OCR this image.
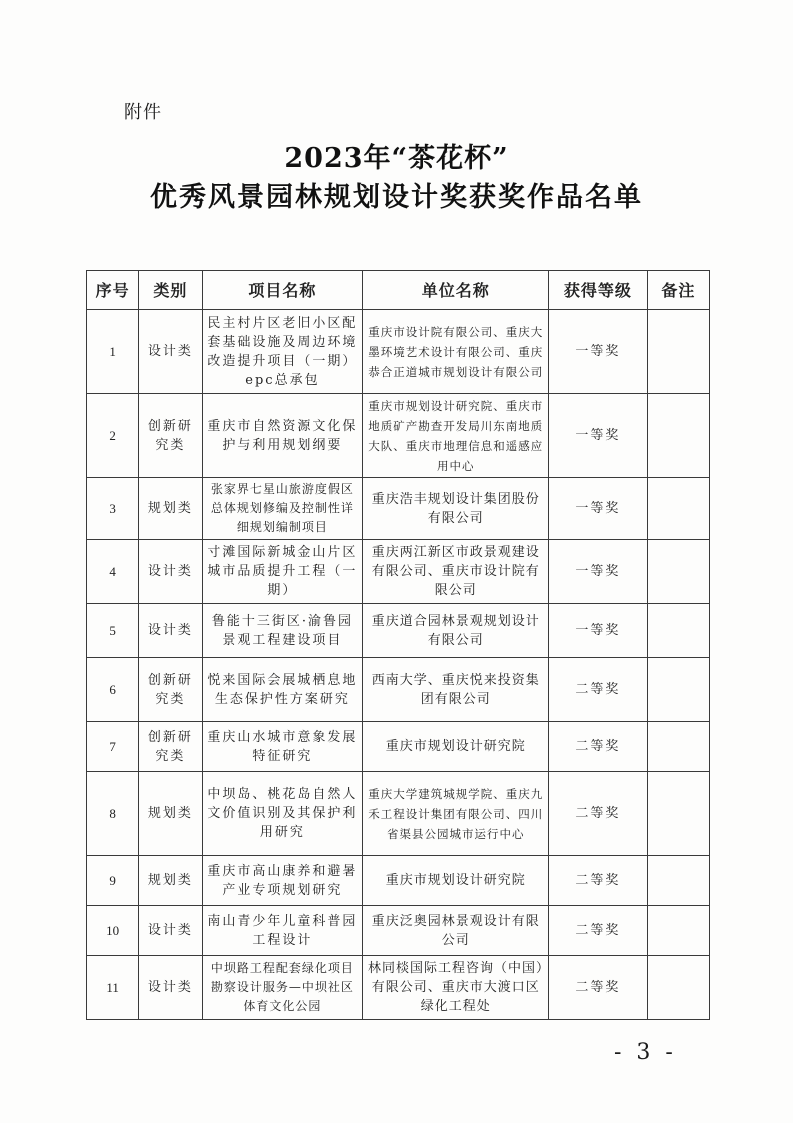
附件
2023年“茶花杯”
优秀风景园林规划设计奖获奖作品名单
序号	类别	项目名称	单位名称	获得等级	备注
1	设计类	民主村片区老旧小区配套基础设施及周边环境改造提升项目（一期）epc总承包	重庆市设计院有限公司、重庆大墨环境艺术设计有限公司、重庆恭合正道城市规划设计有限公司	一等奖	
2	创新研究类	重庆市自然资源文化保护与利用规划纲要	重庆市规划设计研究院、重庆市地质矿产勘查开发局川东南地质大队、重庆市地理信息和遥感应用中心	一等奖	
3	规划类	张家界七星山旅游度假区总体规划修编及控制性详细规划编制项目	重庆浩丰规划设计集团股份有限公司	一等奖	
4	设计类	寸滩国际新城金山片区城市品质提升工程（一期）	重庆两江新区市政景观建设有限公司、重庆市设计院有限公司	一等奖	
5	设计类	鲁能十三街区·渝鲁园景观工程建设项目	重庆道合园林景观规划设计有限公司	一等奖	
6	创新研究类	悦来国际会展城栖息地生态保护性方案研究	西南大学、重庆悦来投资集团有限公司	二等奖	
7	创新研究类	重庆山水城市意象发展特征研究	重庆市规划设计研究院	二等奖	
8	规划类	中坝岛、桃花岛自然人文价值识别及其保护利用研究	重庆大学建筑城规学院、重庆九禾工程设计集团有限公司、四川省渠县公园城市运行中心	二等奖	
9	规划类	重庆市高山康养和避暑产业专项规划研究	重庆市规划设计研究院	二等奖	
10	设计类	南山青少年儿童科普园工程设计	重庆泛奥园林景观设计有限公司	二等奖	
11	设计类	中坝路工程配套绿化项目勘察设计服务—中坝社区体育文化公园	林同棪国际工程咨询（中国）有限公司、重庆市大渡口区绿化工程处	二等奖	
- 3 -
